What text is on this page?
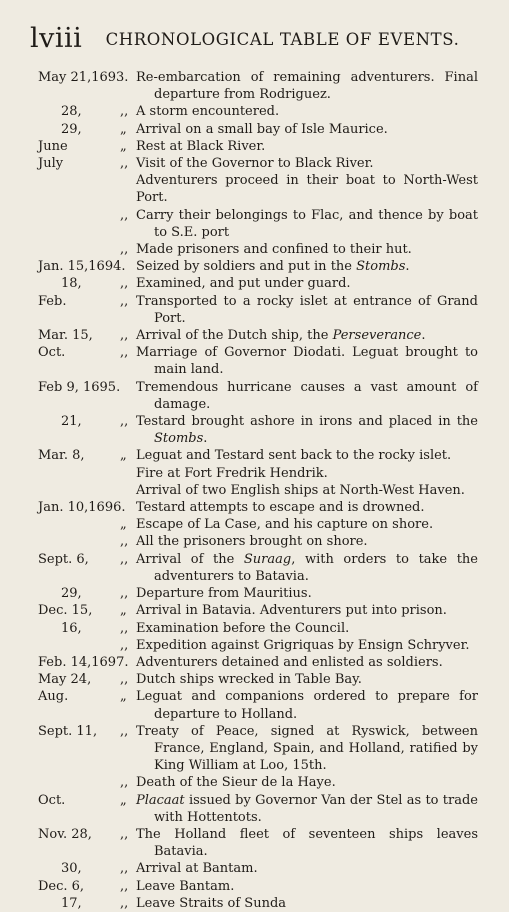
lviii	CHRONOLOGICAL TABLE OF EVENTS.
May 21,1693. Re-embarcation of remaining adventurers. Final departure from Rodriguez.
28,	,, A storm encountered.
29,	„ Arrival on a small bay of Isle Maurice.
June	„ Rest at Black River.
July	,, Visit of the Governor to Black River.
Adventurers proceed in their boat to North-West Port.
,, Carry their belongings to Flac, and thence by boat to S.E. port
,, Made prisoners and confined to their hut.
Jan. 15,1694. Seized by soldiers and put in the Stombs.
18,	,, Examined, and put under guard.
Feb.	,, Transported to a rocky islet at entrance of Grand Port.
Mar. 15,	,, Arrival of the Dutch ship, the Perseverance.
Oct.	,, Marriage of Governor Diodati. Leguat brought to main land.
Feb 9, 1695. Tremendous hurricane causes a vast amount of damage.
21,	,, Testard brought ashore in irons and placed in the Stombs.
Mar. 8,	„ Leguat and Testard sent back to the rocky islet.
Fire at Fort Fredrik Hendrik.
Arrival of two English ships at North-West Haven.
Jan. 10,1696. Testard attempts to escape and is drowned.
„ Escape of La Case, and his capture on shore.
,, All the prisoners brought on shore.
Sept. 6,	,, Arrival of the Suraag, with orders to take the adventurers to Batavia.
29,	,, Departure from Mauritius.
Dec. 15,	„ Arrival in Batavia. Adventurers put into prison.
16,	,, Examination before the Council.
,, Expedition against Grigriquas by Ensign Schryver.
Feb. 14,1697. Adventurers detained and enlisted as soldiers.
May 24,	,, Dutch ships wrecked in Table Bay.
Aug.	„ Leguat and companions ordered to prepare for departure to Holland.
Sept. 11,	,, Treaty of Peace, signed at Ryswick, between France, England, Spain, and Holland, ratified by King William at Loo, 15th.
,, Death of the Sieur de la Haye.
Oct.	„ Placaat issued by Governor Van der Stel as to trade with Hottentots.
Nov. 28,	,, The Holland fleet of seventeen ships leaves Batavia.
30,	,, Arrival at Bantam.
Dec. 6,	,, Leave Bantam.
17,	,, Leave Straits of Sunda
